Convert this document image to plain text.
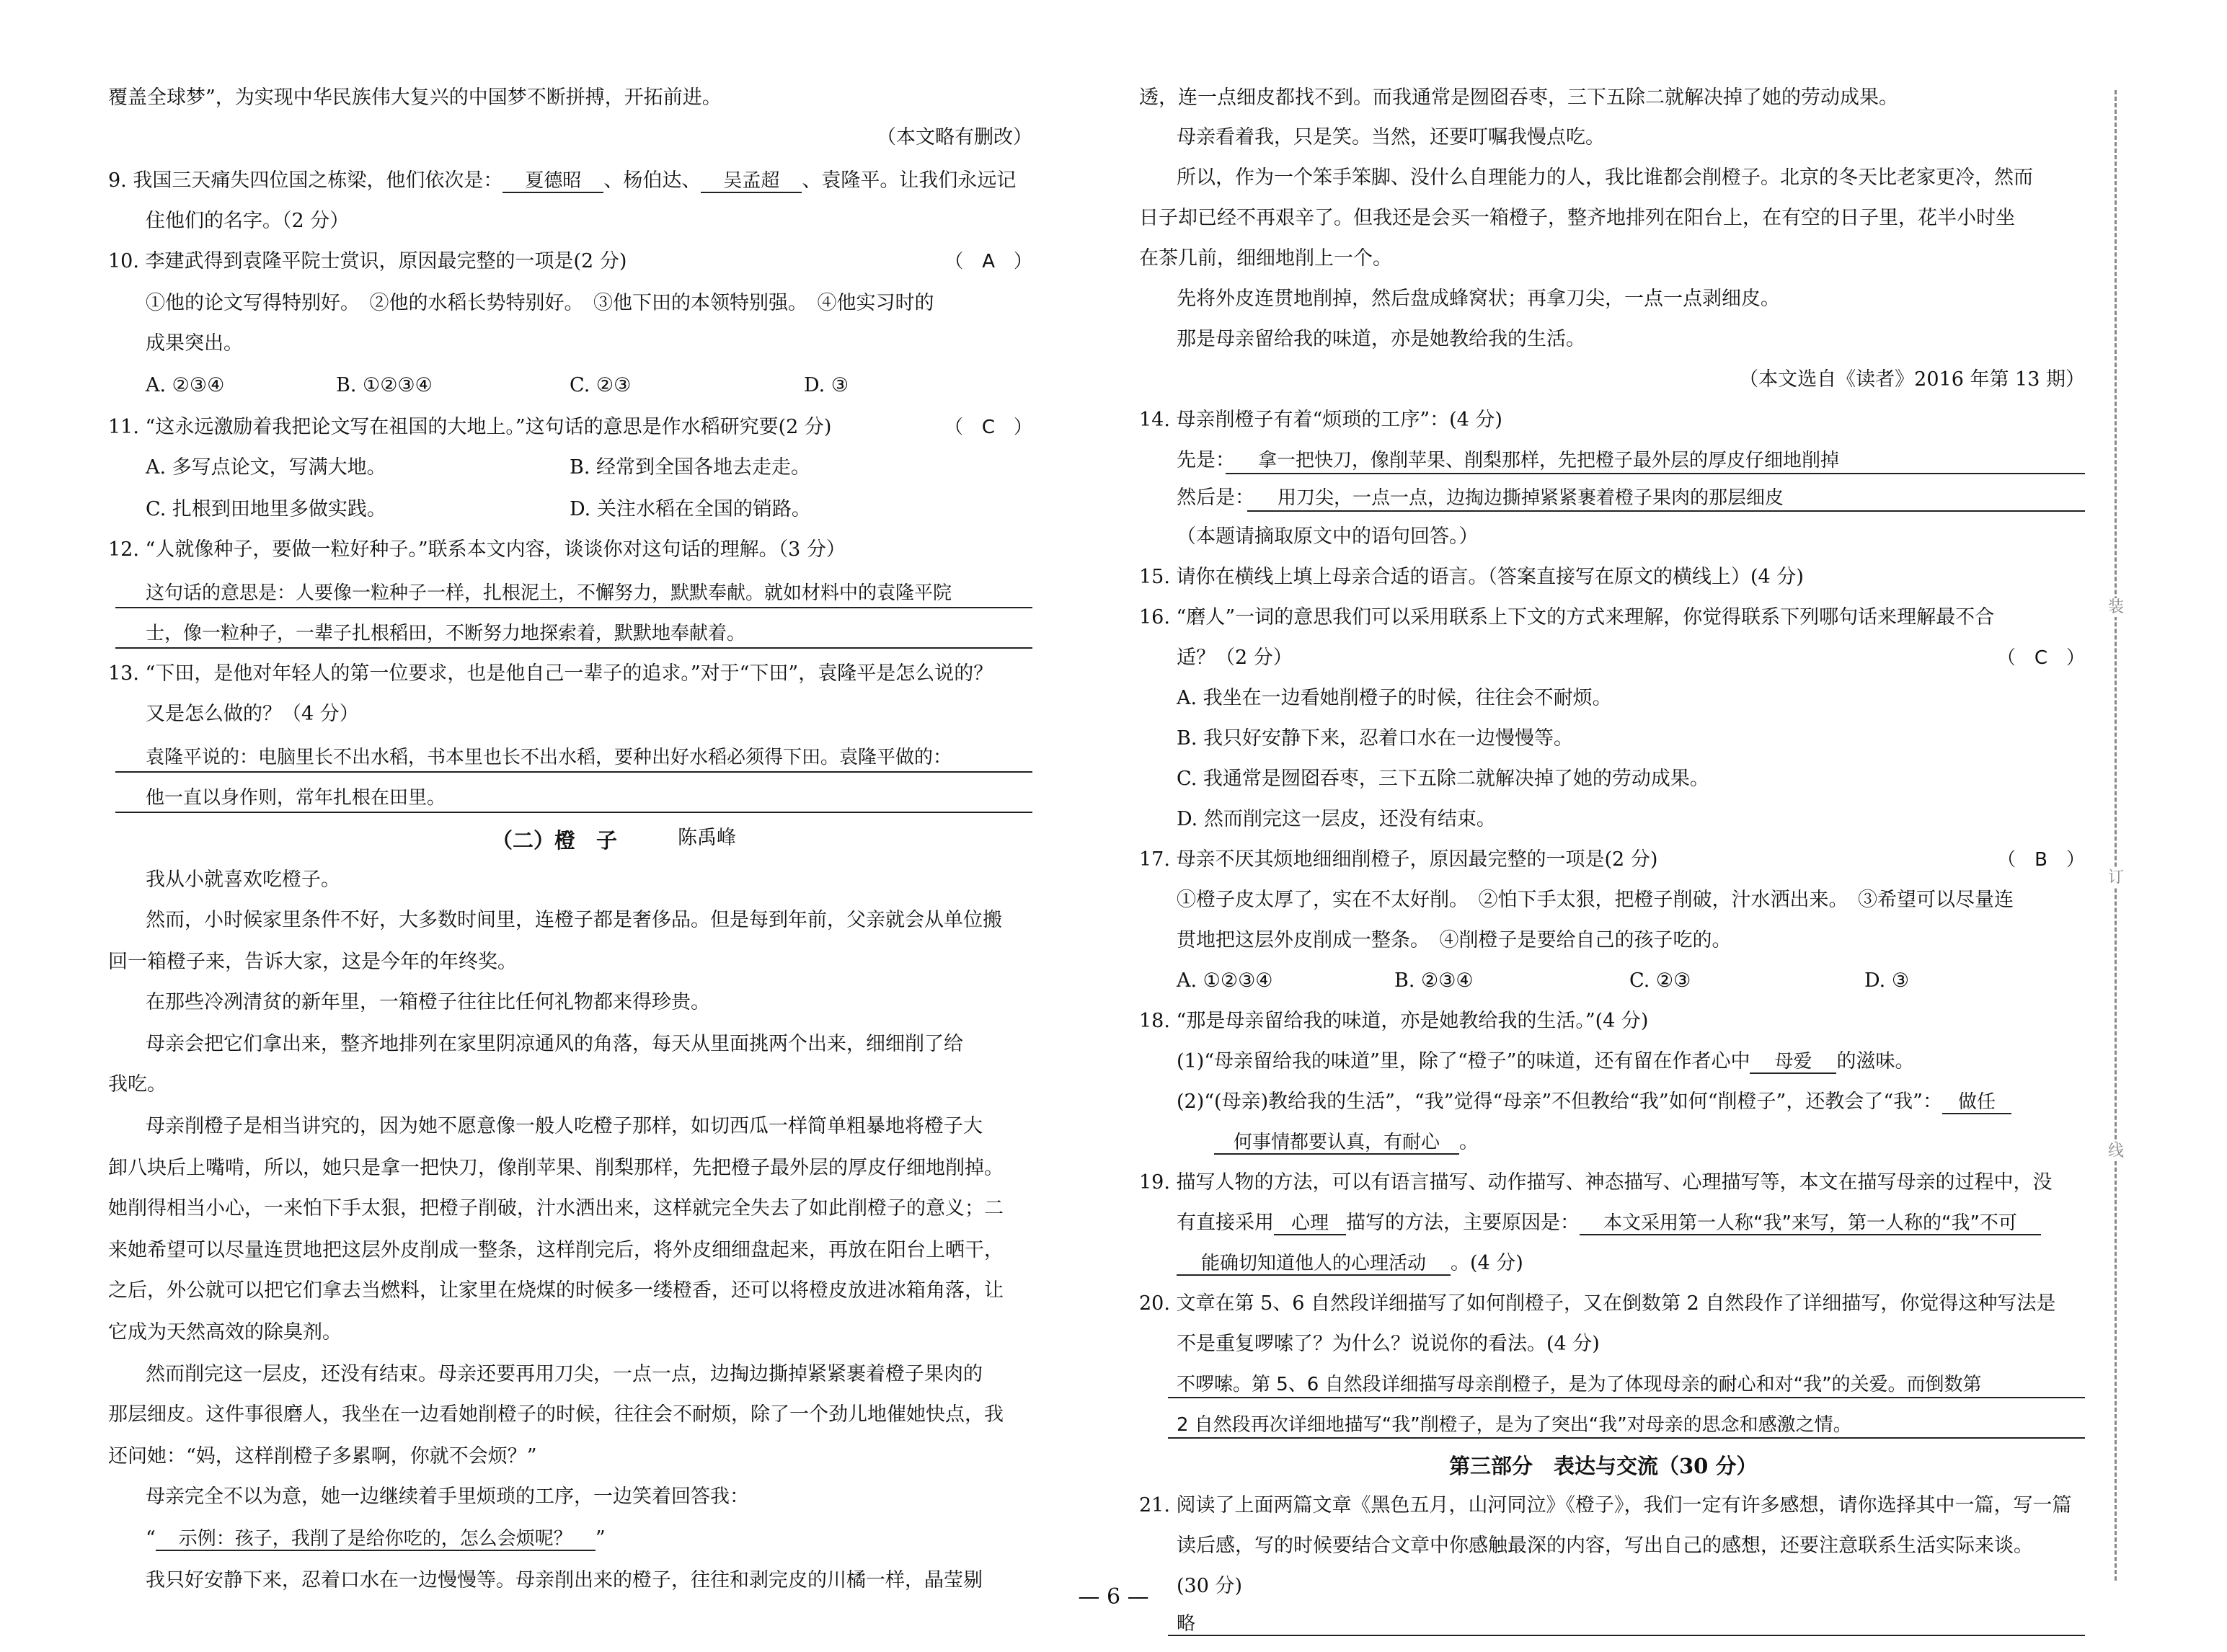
覆盖全球梦”，为实现中华民族伟大复兴的中国梦不断拼搏，开拓前进。
（本文略有删改）
9. 我国三天痛失四位国之栋梁，他们依次是： 夏德昭 、杨伯达、 吴孟超 、袁隆平。让我们永远记
住他们的名字。（2 分）
10. 李建武得到袁隆平院士赏识，原因最完整的一项是(2 分)	（　A　）
①他的论文写得特别好。　②他的水稻长势特别好。　③他下田的本领特别强。　④他实习时的
成果突出。
A. ②③④	B. ①②③④	C. ②③	D. ③
11. “这永远激励着我把论文写在祖国的大地上。”这句话的意思是作水稻研究要(2 分)	（　C　）
A. 多写点论文，写满大地。	B. 经常到全国各地去走走。
C. 扎根到田地里多做实践。	D. 关注水稻在全国的销路。
12. “人就像种子，要做一粒好种子。”联系本文内容，谈谈你对这句话的理解。（3 分）
这句话的意思是：人要像一粒种子一样，扎根泥土，不懈努力，默默奉献。就如材料中的袁隆平院
士，像一粒种子，一辈子扎根稻田，不断努力地探索着，默默地奉献着。
13. “下田，是他对年轻人的第一位要求，也是他自己一辈子的追求。”对于“下田”，袁隆平是怎么说的？
又是怎么做的？（4 分）
袁隆平说的：电脑里长不出水稻，书本里也长不出水稻，要种出好水稻必须得下田。袁隆平做的：
他一直以身作则，常年扎根在田里。
（二）橙　子	陈禹峰
我从小就喜欢吃橙子。
然而，小时候家里条件不好，大多数时间里，连橙子都是奢侈品。但是每到年前，父亲就会从单位搬
回一箱橙子来，告诉大家，这是今年的年终奖。
在那些冷冽清贫的新年里，一箱橙子往往比任何礼物都来得珍贵。
母亲会把它们拿出来，整齐地排列在家里阴凉通风的角落，每天从里面挑两个出来，细细削了给
我吃。
母亲削橙子是相当讲究的，因为她不愿意像一般人吃橙子那样，如切西瓜一样简单粗暴地将橙子大
卸八块后上嘴啃，所以，她只是拿一把快刀，像削苹果、削梨那样，先把橙子最外层的厚皮仔细地削掉。
她削得相当小心，一来怕下手太狠，把橙子削破，汁水洒出来，这样就完全失去了如此削橙子的意义；二
来她希望可以尽量连贯地把这层外皮削成一整条，这样削完后，将外皮细细盘起来，再放在阳台上晒干，
之后，外公就可以把它们拿去当燃料，让家里在烧煤的时候多一缕橙香，还可以将橙皮放进冰箱角落，让
它成为天然高效的除臭剂。
然而削完这一层皮，还没有结束。母亲还要再用刀尖，一点一点，边掏边撕掉紧紧裹着橙子果肉的
那层细皮。这件事很磨人，我坐在一边看她削橙子的时候，往往会不耐烦，除了一个劲儿地催她快点，我
还问她：“妈，这样削橙子多累啊，你就不会烦？”
母亲完全不以为意，她一边继续着手里烦琐的工序，一边笑着回答我：
“ 示例：孩子，我削了是给你吃的，怎么会烦呢？ ”
我只好安静下来，忍着口水在一边慢慢等。母亲削出来的橙子，往往和剥完皮的川橘一样，晶莹剔
透，连一点细皮都找不到。而我通常是囫囵吞枣，三下五除二就解决掉了她的劳动成果。
母亲看着我，只是笑。当然，还要叮嘱我慢点吃。
所以，作为一个笨手笨脚、没什么自理能力的人，我比谁都会削橙子。北京的冬天比老家更冷，然而
日子却已经不再艰辛了。但我还是会买一箱橙子，整齐地排列在阳台上，在有空的日子里，花半小时坐
在茶几前，细细地削上一个。
先将外皮连贯地削掉，然后盘成蜂窝状；再拿刀尖，一点一点剥细皮。
那是母亲留给我的味道，亦是她教给我的生活。
（本文选自《读者》2016 年第 13 期）
14. 母亲削橙子有着“烦琐的工序”：(4 分)
先是： 拿一把快刀，像削苹果、削梨那样，先把橙子最外层的厚皮仔细地削掉
然后是： 用刀尖，一点一点，边掏边撕掉紧紧裹着橙子果肉的那层细皮
（本题请摘取原文中的语句回答。）
15. 请你在横线上填上母亲合适的语言。（答案直接写在原文的横线上）(4 分)
16. “磨人”一词的意思我们可以采用联系上下文的方式来理解，你觉得联系下列哪句话来理解最不合
适？（2 分）	（　C　）
A. 我坐在一边看她削橙子的时候，往往会不耐烦。
B. 我只好安静下来，忍着口水在一边慢慢等。
C. 我通常是囫囵吞枣，三下五除二就解决掉了她的劳动成果。
D. 然而削完这一层皮，还没有结束。
17. 母亲不厌其烦地细细削橙子，原因最完整的一项是(2 分)	（　B　）
①橙子皮太厚了，实在不太好削。　②怕下手太狠，把橙子削破，汁水洒出来。　③希望可以尽量连
贯地把这层外皮削成一整条。　④削橙子是要给自己的孩子吃的。
A. ①②③④	B. ②③④	C. ②③	D. ③
18. “那是母亲留给我的味道，亦是她教给我的生活。”(4 分)
(1)“母亲留给我的味道”里，除了“橙子”的味道，还有留在作者心中 母爱 的滋味。
(2)“(母亲)教给我的生活”，“我”觉得“母亲”不但教给“我”如何“削橙子”，还教会了“我”： 做任
何事情都要认真，有耐心 。
19. 描写人物的方法，可以有语言描写、动作描写、神态描写、心理描写等，本文在描写母亲的过程中，没
有直接采用 心理 描写的方法，主要原因是： 本文采用第一人称“我”来写，第一人称的“我”不可
能确切知道他人的心理活动 。(4 分)
20. 文章在第 5、6 自然段详细描写了如何削橙子，又在倒数第 2 自然段作了详细描写，你觉得这种写法是
不是重复啰嗦了？为什么？说说你的看法。(4 分)
不啰嗦。第 5、6 自然段详细描写母亲削橙子，是为了体现母亲的耐心和对“我”的关爱。而倒数第
2 自然段再次详细地描写“我”削橙子，是为了突出“我”对母亲的思念和感激之情。
第三部分　表达与交流（30 分）
21. 阅读了上面两篇文章《黑色五月，山河同泣》《橙子》，我们一定有许多感想，请你选择其中一篇，写一篇
读后感，写的时候要结合文章中你感触最深的内容，写出自己的感想，还要注意联系生活实际来谈。
(30 分)
略
装
订
线
— 6 —
